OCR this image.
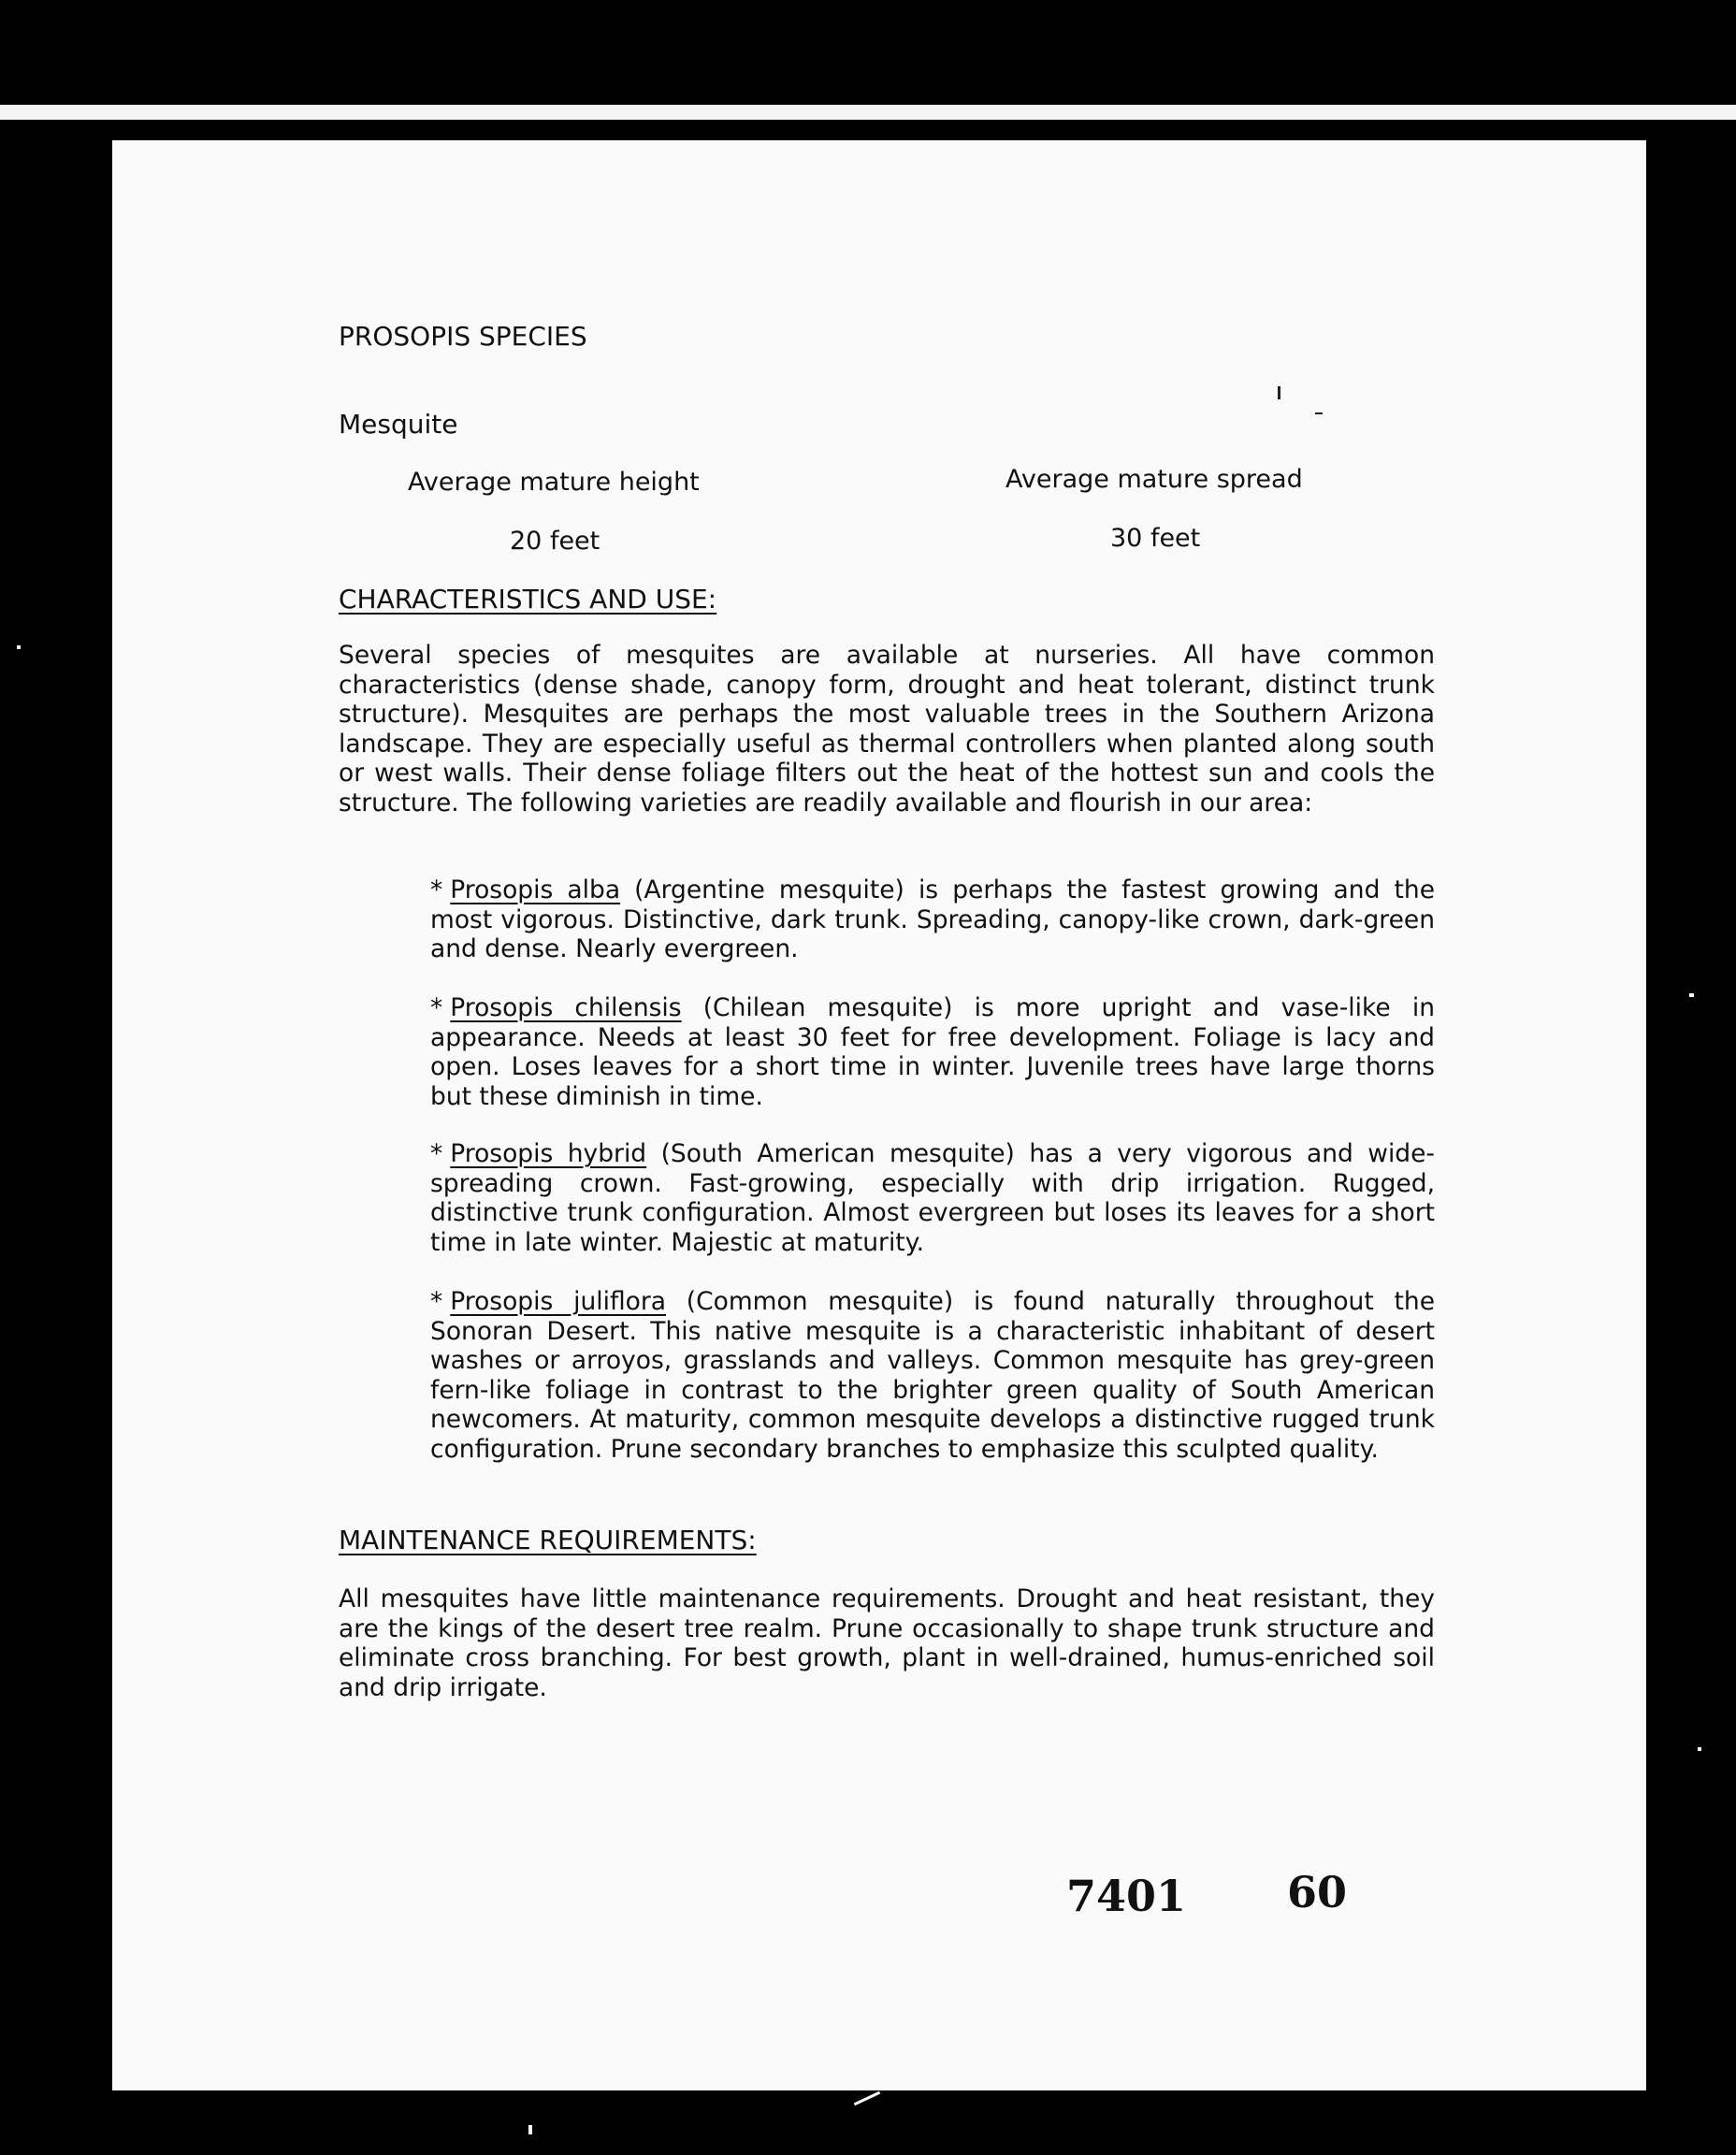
PROSOPIS SPECIES
Mesquite
Average mature height	Average mature spread
20 feet	30 feet
CHARACTERISTICS AND USE:
Several species of mesquites are available at nurseries. All have common characteristics (dense shade, canopy form, drought and heat tolerant, distinct trunk structure). Mesquites are perhaps the most valuable trees in the Southern Arizona landscape. They are especially useful as thermal controllers when planted along south or west walls. Their dense foliage filters out the heat of the hottest sun and cools the structure. The following varieties are readily available and flourish in our area:
* Prosopis alba (Argentine mesquite) is perhaps the fastest growing and the most vigorous. Distinctive, dark trunk. Spreading, canopy-like crown, dark-green and dense. Nearly evergreen.
* Prosopis chilensis (Chilean mesquite) is more upright and vase-like in appearance. Needs at least 30 feet for free development. Foliage is lacy and open. Loses leaves for a short time in winter. Juvenile trees have large thorns but these diminish in time.
* Prosopis hybrid (South American mesquite) has a very vigorous and wide-spreading crown. Fast-growing, especially with drip irrigation. Rugged, distinctive trunk configuration. Almost evergreen but loses its leaves for a short time in late winter. Majestic at maturity.
* Prosopis juliflora (Common mesquite) is found naturally throughout the Sonoran Desert. This native mesquite is a characteristic inhabitant of desert washes or arroyos, grasslands and valleys. Common mesquite has grey-green fern-like foliage in contrast to the brighter green quality of South American newcomers. At maturity, common mesquite develops a distinctive rugged trunk configuration. Prune secondary branches to emphasize this sculpted quality.
MAINTENANCE REQUIREMENTS:
All mesquites have little maintenance requirements. Drought and heat resistant, they are the kings of the desert tree realm. Prune occasionally to shape trunk structure and eliminate cross branching. For best growth, plant in well-drained, humus-enriched soil and drip irrigate.
7401 60
